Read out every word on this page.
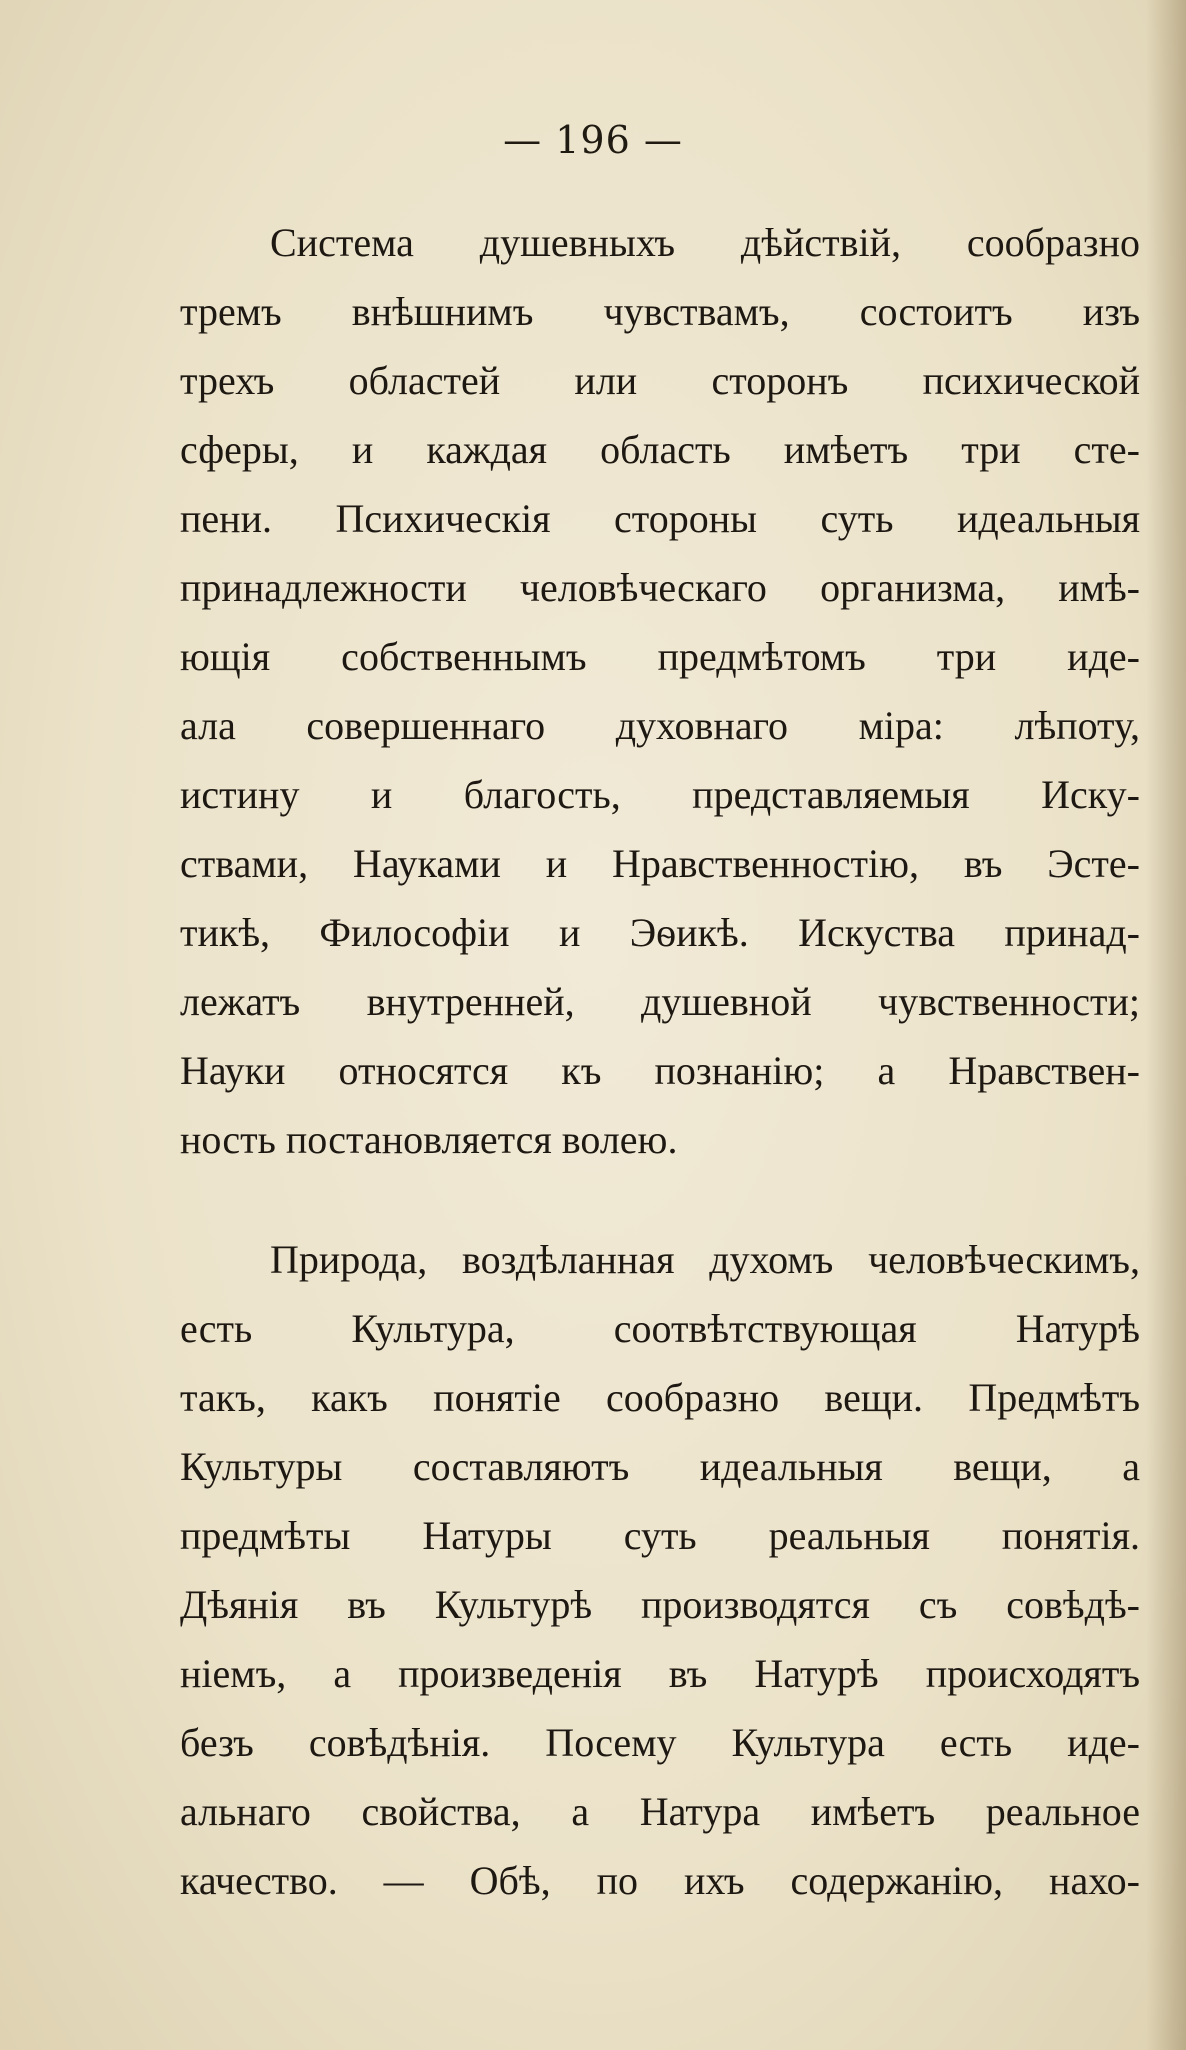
— 196 —

Система душевныхъ дѣйствій, сообразно
тремъ внѣшнимъ чувствамъ, состоитъ изъ
трехъ областей или сторонъ психической
сферы, и каждая область имѣетъ три сте-
пени. Психическія стороны суть идеальныя
принадлежности человѣческаго организма, имѣ-
ющія собственнымъ предмѣтомъ три иде-
ала совершеннаго духовнаго міра: лѣпоту,
истину и благость, представляемыя Иску-
ствами, Науками и Нравственностію, въ Эсте-
тикѣ, Философіи и Эѳикѣ. Искуства принад-
лежатъ внутренней, душевной чувственности;
Науки относятся къ познанію; а Нравствен-
ность постановляется волею.

Природа, воздѣланная духомъ человѣческимъ,
есть Культура, соотвѣтствующая Натурѣ
такъ, какъ понятіе сообразно вещи. Предмѣтъ
Культуры составляютъ идеальныя вещи, а
предмѣты Натуры суть реальныя понятія.
Дѣянія въ Культурѣ производятся съ совѣдѣ-
ніемъ, а произведенія въ Натурѣ происходятъ
безъ совѣдѣнія. Посему Культура есть иде-
альнаго свойства, а Натура имѣетъ реальное
качество. — Обѣ, по ихъ содержанію, нахо-
